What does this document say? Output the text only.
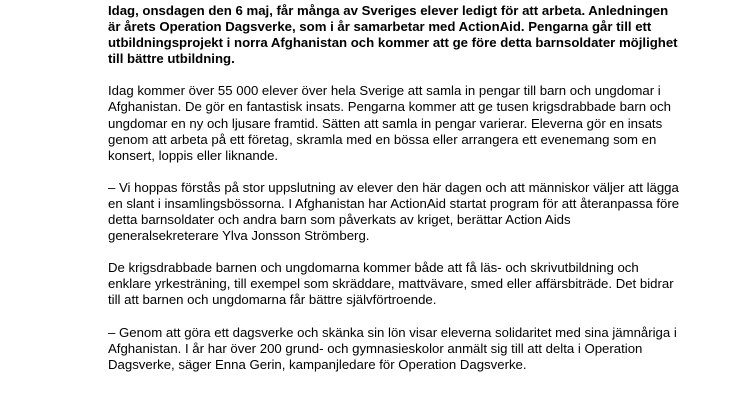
Idag, onsdagen den 6 maj, får många av Sveriges elever ledigt för att arbeta. Anledningen
är årets Operation Dagsverke, som i år samarbetar med ActionAid. Pengarna går till ett
utbildningsprojekt i norra Afghanistan och kommer att ge före detta barnsoldater möjlighet
till bättre utbildning.

Idag kommer över 55 000 elever över hela Sverige att samla in pengar till barn och ungdomar i
Afghanistan. De gör en fantastisk insats. Pengarna kommer att ge tusen krigsdrabbade barn och
ungdomar en ny och ljusare framtid. Sätten att samla in pengar varierar. Eleverna gör en insats
genom att arbeta på ett företag, skramla med en bössa eller arrangera ett evenemang som en
konsert, loppis eller liknande.

– Vi hoppas förstås på stor uppslutning av elever den här dagen och att människor väljer att lägga
en slant i insamlingsbössorna. I Afghanistan har ActionAid startat program för att återanpassa före
detta barnsoldater och andra barn som påverkats av kriget, berättar Action Aids
generalsekreterare Ylva Jonsson Strömberg.

De krigsdrabbade barnen och ungdomarna kommer både att få läs- och skrivutbildning och
enklare yrkesträning, till exempel som skräddare, mattvävare, smed eller affärsbiträde. Det bidrar
till att barnen och ungdomarna får bättre självförtroende.

– Genom att göra ett dagsverke och skänka sin lön visar eleverna solidaritet med sina jämnåriga i
Afghanistan. I år har över 200 grund- och gymnasieskolor anmält sig till att delta i Operation
Dagsverke, säger Enna Gerin, kampanjledare för Operation Dagsverke.
